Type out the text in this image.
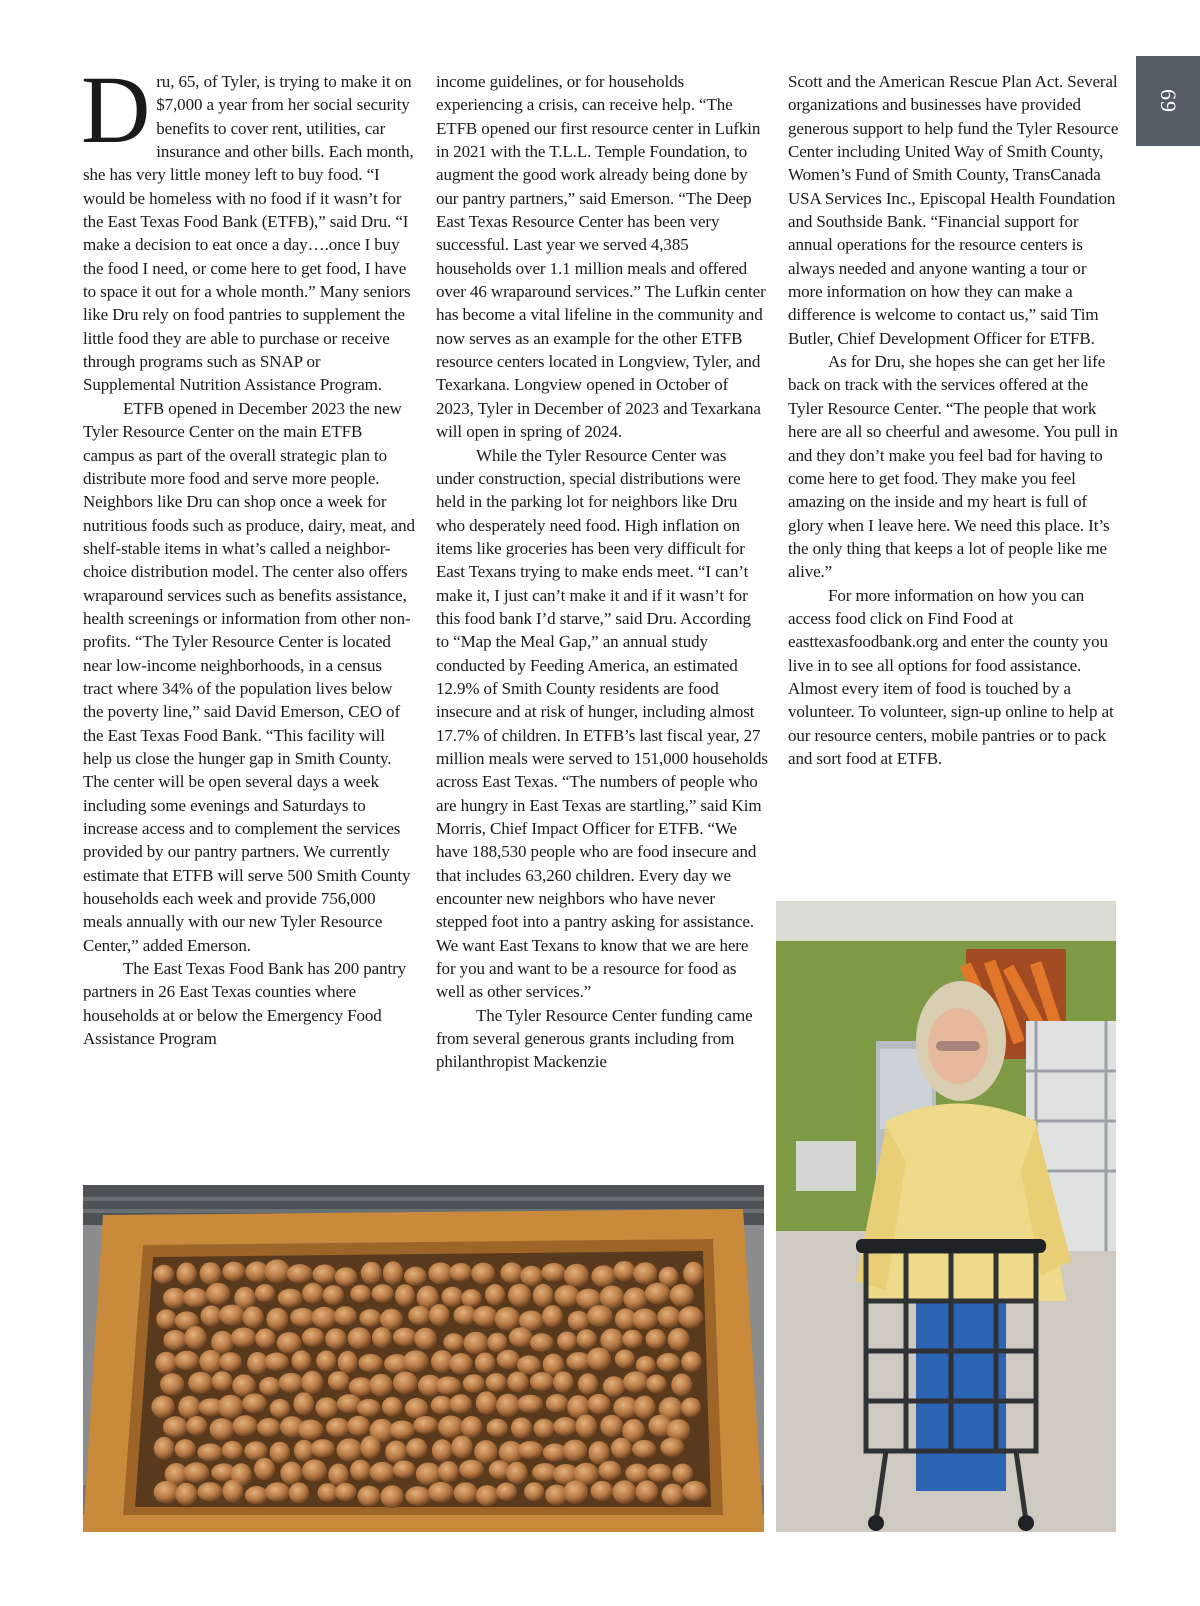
69

Dru, 65, of Tyler, is trying to make it on $7,000 a year from her social security benefits to cover rent, utilities, car insurance and other bills. Each month, she has very little money left to buy food. “I would be homeless with no food if it wasn’t for the East Texas Food Bank (ETFB),” said Dru. “I make a decision to eat once a day….once I buy the food I need, or come here to get food, I have to space it out for a whole month.” Many seniors like Dru rely on food pantries to supplement the little food they are able to purchase or receive through programs such as SNAP or Supplemental Nutrition Assistance Program.

ETFB opened in December 2023 the new Tyler Resource Center on the main ETFB campus as part of the overall strategic plan to distribute more food and serve more people. Neighbors like Dru can shop once a week for nutritious foods such as produce, dairy, meat, and shelf-stable items in what’s called a neighbor-choice distribution model. The center also offers wraparound services such as benefits assistance, health screenings or information from other non-profits. “The Tyler Resource Center is located near low-income neighborhoods, in a census tract where 34% of the population lives below the poverty line,” said David Emerson, CEO of the East Texas Food Bank. “This facility will help us close the hunger gap in Smith County. The center will be open several days a week including some evenings and Saturdays to increase access and to complement the services provided by our pantry partners. We currently estimate that ETFB will serve 500 Smith County households each week and provide 756,000 meals annually with our new Tyler Resource Center,” added Emerson.

The East Texas Food Bank has 200 pantry partners in 26 East Texas counties where households at or below the Emergency Food Assistance Program

income guidelines, or for households experiencing a crisis, can receive help. “The ETFB opened our first resource center in Lufkin in 2021 with the T.L.L. Temple Foundation, to augment the good work already being done by our pantry partners,” said Emerson. “The Deep East Texas Resource Center has been very successful. Last year we served 4,385 households over 1.1 million meals and offered over 46 wraparound services.” The Lufkin center has become a vital lifeline in the community and now serves as an example for the other ETFB resource centers located in Longview, Tyler, and Texarkana. Longview opened in October of 2023, Tyler in December of 2023 and Texarkana will open in spring of 2024.

While the Tyler Resource Center was under construction, special distributions were held in the parking lot for neighbors like Dru who desperately need food. High inflation on items like groceries has been very difficult for East Texans trying to make ends meet. “I can’t make it, I just can’t make it and if it wasn’t for this food bank I’d starve,” said Dru. According to “Map the Meal Gap,” an annual study conducted by Feeding America, an estimated 12.9% of Smith County residents are food insecure and at risk of hunger, including almost 17.7% of children. In ETFB’s last fiscal year, 27 million meals were served to 151,000 households across East Texas. “The numbers of people who are hungry in East Texas are startling,” said Kim Morris, Chief Impact Officer for ETFB. “We have 188,530 people who are food insecure and that includes 63,260 children. Every day we encounter new neighbors who have never stepped foot into a pantry asking for assistance. We want East Texans to know that we are here for you and want to be a resource for food as well as other services.”

The Tyler Resource Center funding came from several generous grants including from philanthropist Mackenzie

Scott and the American Rescue Plan Act. Several organizations and businesses have provided generous support to help fund the Tyler Resource Center including United Way of Smith County, Women’s Fund of Smith County, TransCanada USA Services Inc., Episcopal Health Foundation and Southside Bank. “Financial support for annual operations for the resource centers is always needed and anyone wanting a tour or more information on how they can make a difference is welcome to contact us,” said Tim Butler, Chief Development Officer for ETFB.

As for Dru, she hopes she can get her life back on track with the services offered at the Tyler Resource Center. “The people that work here are all so cheerful and awesome. You pull in and they don’t make you feel bad for having to come here to get food. They make you feel amazing on the inside and my heart is full of glory when I leave here. We need this place. It’s the only thing that keeps a lot of people like me alive.”

For more information on how you can access food click on Find Food at easttexasfoodbank.org and enter the county you live in to see all options for food assistance. Almost every item of food is touched by a volunteer. To volunteer, sign-up online to help at our resource centers, mobile pantries or to pack and sort food at ETFB.
